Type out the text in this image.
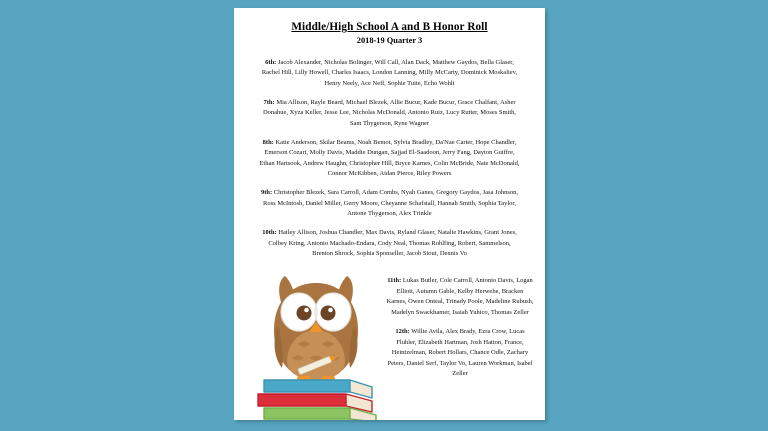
Middle/High School A and B Honor Roll
2018-19 Quarter 3

6th: Jacob Alexander, Nicholas Bolinger, Will Call, Alan Dack, Matthew Gaydos, Bella Glaser, Rachel Hill, Lilly Howell, Charles Isaacs, London Lanning, Milly McCarty, Dominick Moskaliev, Henry Neely, Ace Neff, Sophie Tuite, Echo Wohlt

7th: Mia Allison, Rayle Beard, Michael Blezek, Allie Bucur, Kade Bucur, Grace Chalfant, Asher Donahue, Xyza Keller, Jesse Lee, Nicholas McDonald, Antonio Ruiz, Lucy Rutter, Moses Smith, Sam Thygerson, Ryne Wagner

8th: Katie Anderson, Skilar Beams, Noah Bemot, Sylvia Bradley, Da'Nae Carter, Hope Chandler, Emerson Cozart, Molly Davis, Maddie Dungan, Sajjad El-Saadoon, Jerry Fang, Dayton Guiffre, Ethan Hartsook, Andrew Haughn, Christopher Hill, Bryce Karnes, Colin McBride, Nate McDonald, Connor McKibben, Aidan Pierce, Riley Powers

9th: Christopher Blezek, Sara Carroll, Adam Combs, Nyah Ganes, Gregory Gaydos, Jasa Johnson, Ross McIntosh, Daniel Miller, Gerry Moore, Cheyanne Schafstall, Hannah Smith, Sophia Taylor, Antone Thygerson, Alex Trinkle

10th: Hailey Allison, Joshua Chandler, Max Davis, Ryland Glaser, Natalie Hawkins, Grant Jones, Colbey Kring, Antonio Machado-Endara, Cody Neal, Thomas Rohlfing, Robert, Sammelson, Brenton Shrock, Sophia Sponseller, Jacob Stout, Dennis Vo

11th: Lukas Butler, Cole Carroll, Antonio Davis, Logan Elliott, Autumn Gable, Kelby Herwehe, Bracken Karnes, Owen Onteal, Trinady Poole, Madeline Rubush, Madelyn Swackhamer, Isaiah Yuhico, Thomas Zeller

12th: Willie Avila, Alex Brady, Ezra Crow, Lucas Fluhler, Elizabeth Hartman, Josh Hatton, France, Heintzelman, Robert Hollars, Chance Odle, Zachary Peters, Daniel Serf, Taylor Vo, Lauren Workman, Isabel Zeller
